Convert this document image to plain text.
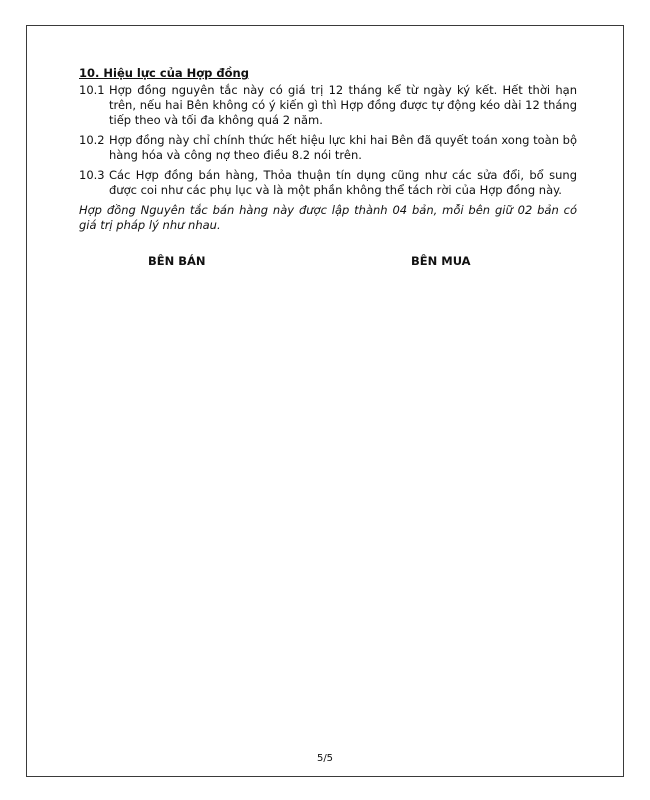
10. Hiệu lực của Hợp đồng
10.1 Hợp đồng nguyên tắc này có giá trị 12 tháng kể từ ngày ký kết. Hết thời hạn trên, nếu hai Bên không có ý kiến gì thì Hợp đồng được tự động kéo dài 12 tháng tiếp theo và tối đa không quá 2 năm.
10.2 Hợp đồng này chỉ chính thức hết hiệu lực khi hai Bên đã quyết toán xong toàn bộ hàng hóa và công nợ theo điều 8.2 nói trên.
10.3 Các Hợp đồng bán hàng, Thỏa thuận tín dụng cũng như các sửa đổi, bổ sung được coi như các phụ lục và là một phần không thể tách rời của Hợp đồng này.
Hợp đồng Nguyên tắc bán hàng này được lập thành 04 bản, mỗi bên giữ 02 bản có giá trị pháp lý như nhau.
BÊN BÁN	BÊN MUA
5/5
